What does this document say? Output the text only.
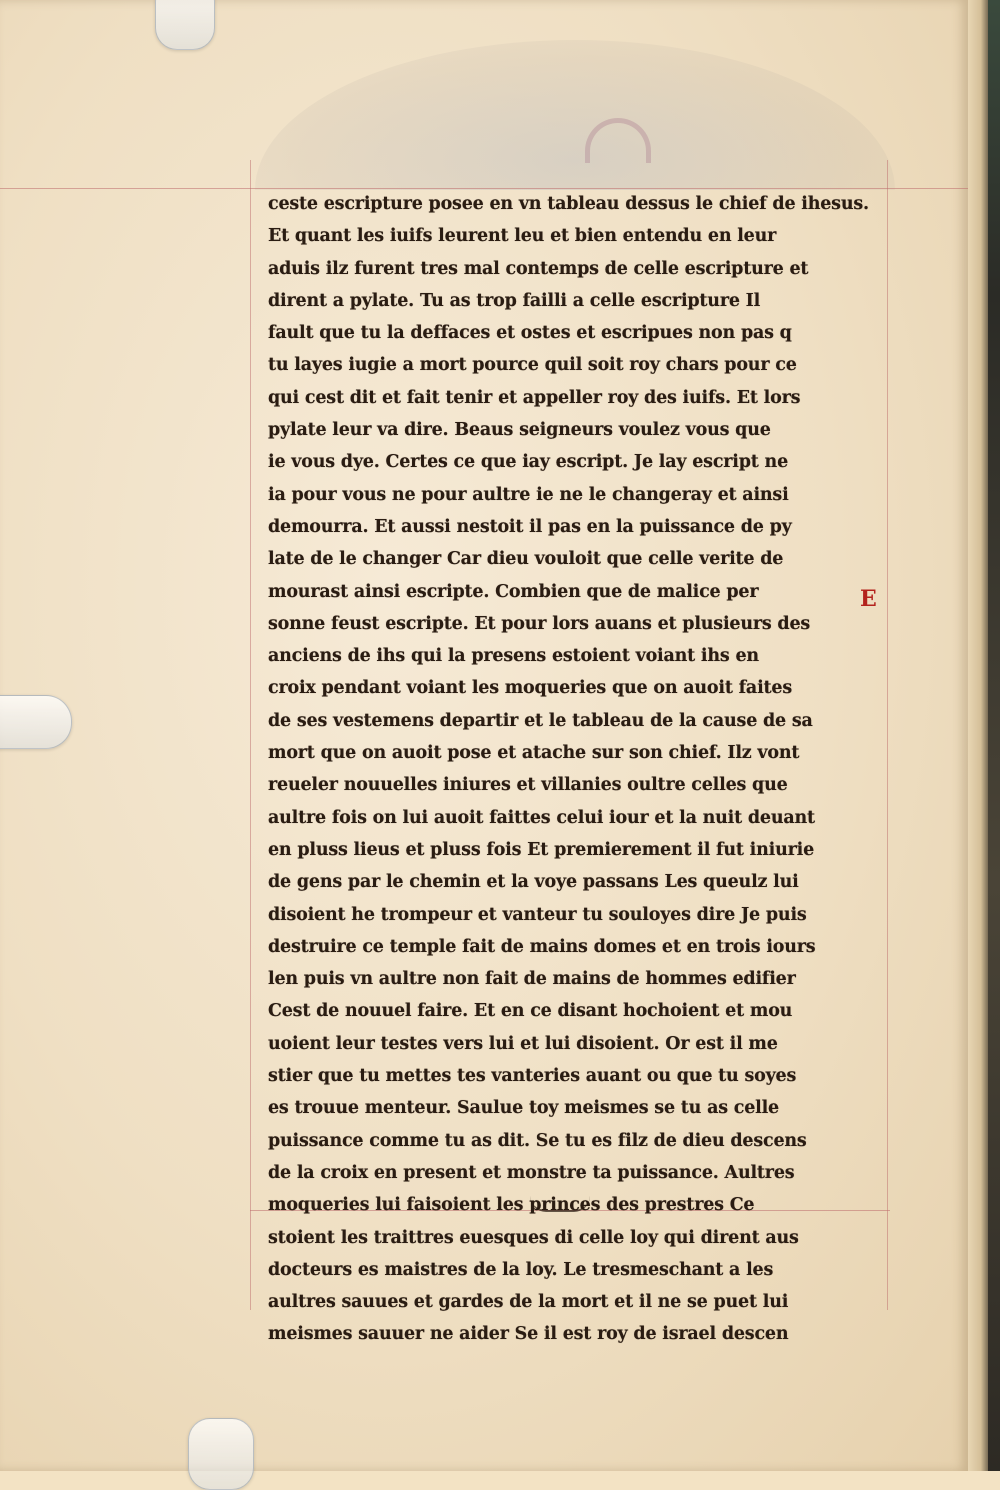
ceste escripture posee en vn tableau dessus le chief de ihesus.
Et quant les iuifs leurent leu et bien entendu en leur
aduis ilz furent tres mal contemps de celle escripture et
dirent a pylate. Tu as trop failli a celle escripture Il
fault que tu la deffaces et ostes et escripues non pas q
tu layes iugie a mort pource quil soit roy chars pour ce
qui cest dit et fait tenir et appeller roy des iuifs. Et lors
pylate leur va dire. Beaus seigneurs voulez vous que
ie vous dye. Certes ce que iay escript. Je lay escript ne
ia pour vous ne pour aultre ie ne le changeray et ainsi
demourra. Et aussi nestoit il pas en la puissance de py
late de le changer Car dieu vouloit que celle verite de
mourast ainsi escripte. Combien que de malice per
sonne feust escripte. Et pour lors auans et plusieurs des
anciens de ihs qui la presens estoient voiant ihs en
croix pendant voiant les moqueries que on auoit faites
de ses vestemens departir et le tableau de la cause de sa
mort que on auoit pose et atache sur son chief. Ilz vont
reueler nouuelles iniures et villanies oultre celles que
aultre fois on lui auoit faittes celui iour et la nuit deuant
en pluss lieus et pluss fois Et premierement il fut iniurie
de gens par le chemin et la voye passans Les queulz lui
disoient he trompeur et vanteur tu souloyes dire Je puis
destruire ce temple fait de mains domes et en trois iours
len puis vn aultre non fait de mains de hommes edifier
Cest de nouuel faire. Et en ce disant hochoient et mou
uoient leur testes vers lui et lui disoient. Or est il me
stier que tu mettes tes vanteries auant ou que tu soyes
es trouue menteur. Saulue toy meismes se tu as celle
puissance comme tu as dit. Se tu es filz de dieu descens
de la croix en present et monstre ta puissance. Aultres
moqueries lui faisoient les princes des prestres Ce
stoient les traittres euesques di celle loy qui dirent aus
docteurs es maistres de la loy. Le tresmeschant a les
aultres sauues et gardes de la mort et il ne se puet lui
meismes sauuer ne aider Se il est roy de israel descen
E
